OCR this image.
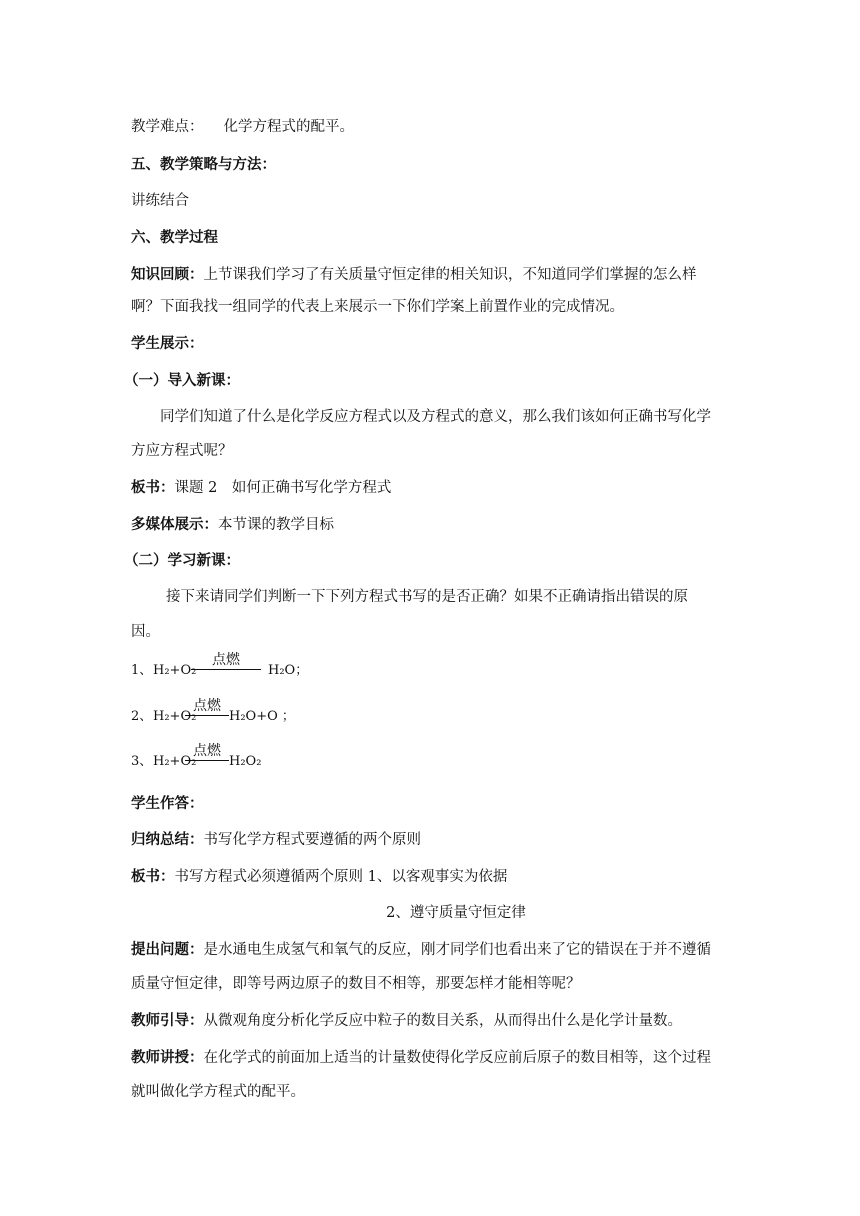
教学难点： 化学方程式的配平。
五、教学策略与方法：
讲练结合
六、教学过程
知识回顾：上节课我们学习了有关质量守恒定律的相关知识，不知道同学们掌握的怎么样
啊？下面我找一组同学的代表上来展示一下你们学案上前置作业的完成情况。
学生展示：
（一）导入新课：
同学们知道了什么是化学反应方程式以及方程式的意义，那么我们该如何正确书写化学
方应方程式呢？
板书：课题 2　如何正确书写化学方程式
多媒体展示：本节课的教学目标
（二）学习新课：
接下来请同学们判断一下下列方程式书写的是否正确？如果不正确请指出错误的原
因。
1、 H₂+O₂
点燃
H₂O；
2、 H₂+O₂
点燃
H₂O+O ；
3、 H₂+O₂
点燃
H₂O₂
学生作答：
归纳总结：书写化学方程式要遵循的两个原则
板书：书写方程式必须遵循两个原则 1、以客观事实为依据
2、遵守质量守恒定律
提出问题：是水通电生成氢气和氧气的反应，刚才同学们也看出来了它的错误在于并不遵循
质量守恒定律，即等号两边原子的数目不相等，那要怎样才能相等呢？
教师引导：从微观角度分析化学反应中粒子的数目关系，从而得出什么是化学计量数。
教师讲授：在化学式的前面加上适当的计量数使得化学反应前后原子的数目相等，这个过程
就叫做化学方程式的配平。
